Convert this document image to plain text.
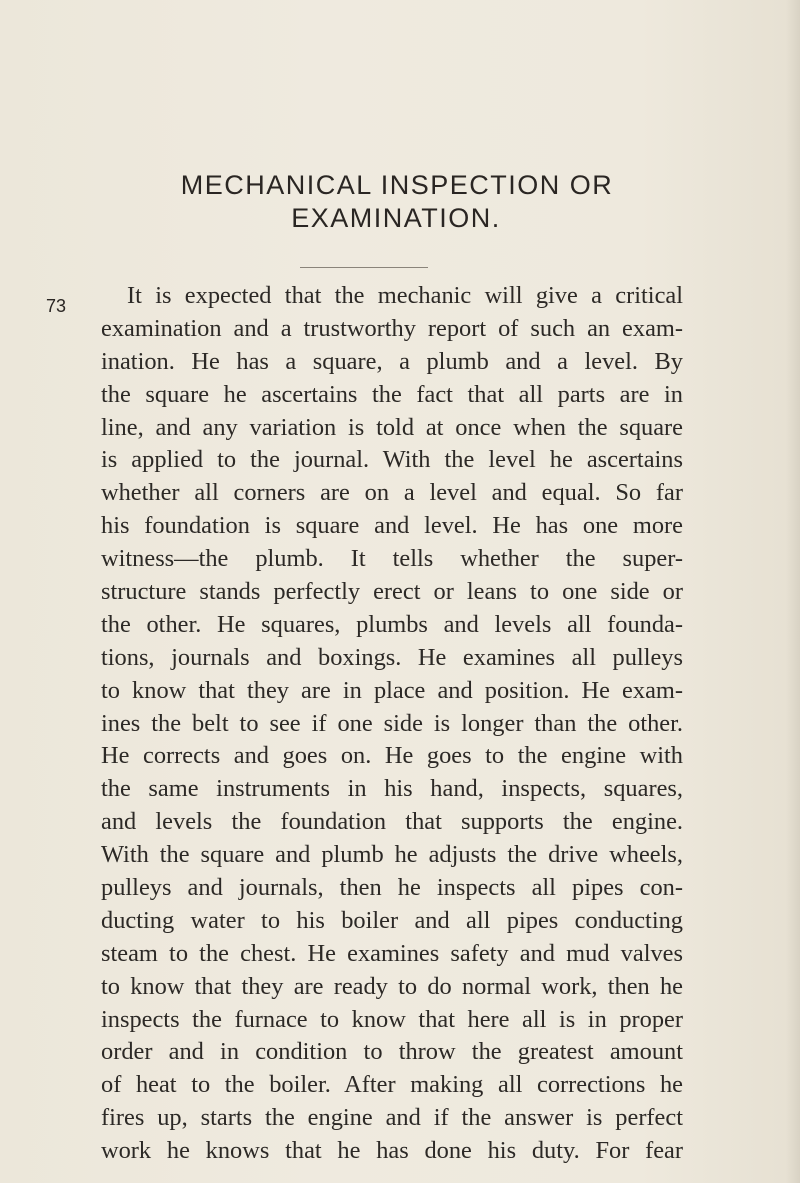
MECHANICAL INSPECTION OR
EXAMINATION.
73	It is expected that the mechanic will give a critical
examination and a trustworthy report of such an exam-
ination. He has a square, a plumb and a level. By
the square he ascertains the fact that all parts are in
line, and any variation is told at once when the square
is applied to the journal. With the level he ascertains
whether all corners are on a level and equal. So far
his foundation is square and level. He has one more
witness—the plumb. It tells whether the super-
structure stands perfectly erect or leans to one side or
the other. He squares, plumbs and levels all founda-
tions, journals and boxings. He examines all pulleys
to know that they are in place and position. He exam-
ines the belt to see if one side is longer than the other.
He corrects and goes on. He goes to the engine with
the same instruments in his hand, inspects, squares,
and levels the foundation that supports the engine.
With the square and plumb he adjusts the drive wheels,
pulleys and journals, then he inspects all pipes con-
ducting water to his boiler and all pipes conducting
steam to the chest. He examines safety and mud valves
to know that they are ready to do normal work, then he
inspects the furnace to know that here all is in proper
order and in condition to throw the greatest amount
of heat to the boiler. After making all corrections he
fires up, starts the engine and if the answer is perfect
work he knows that he has done his duty. For fear
